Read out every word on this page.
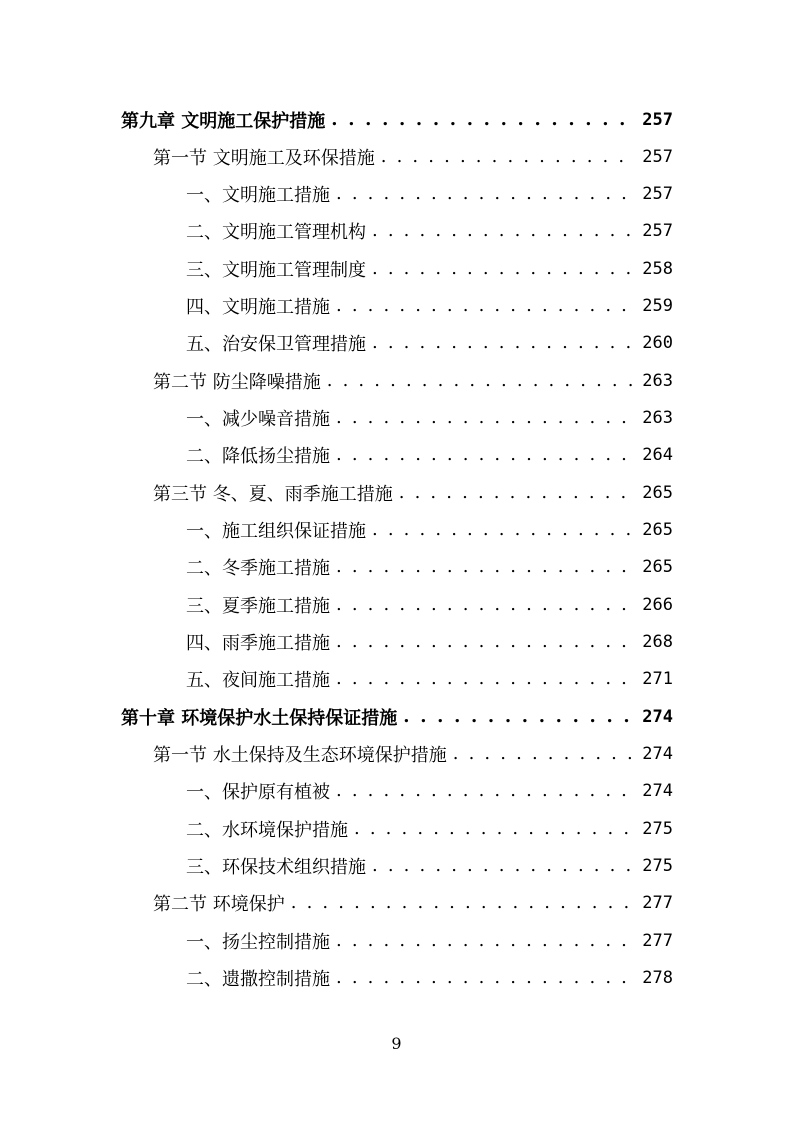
第九章 文明施工保护措施 . . .	257
第一节 文明施工及环保措施 . . .	257
一、文明施工措施 . . .	257
二、文明施工管理机构 . . .	257
三、文明施工管理制度 . . .	258
四、文明施工措施 . . .	259
五、治安保卫管理措施 . . .	260
第二节 防尘降噪措施 . . .	263
一、减少噪音措施 . . .	263
二、降低扬尘措施 . . .	264
第三节 冬、夏、雨季施工措施 . . .	265
一、施工组织保证措施 . . .	265
二、冬季施工措施 . . .	265
三、夏季施工措施 . . .	266
四、雨季施工措施 . . .	268
五、夜间施工措施 . . .	271
第十章 环境保护水土保持保证措施 . . .	274
第一节 水土保持及生态环境保护措施 . . .	274
一、保护原有植被 . . .	274
二、水环境保护措施 . . .	275
三、环保技术组织措施 . . .	275
第二节 环境保护 . . .	277
一、扬尘控制措施 . . .	277
二、遗撒控制措施 . . .	278
9
